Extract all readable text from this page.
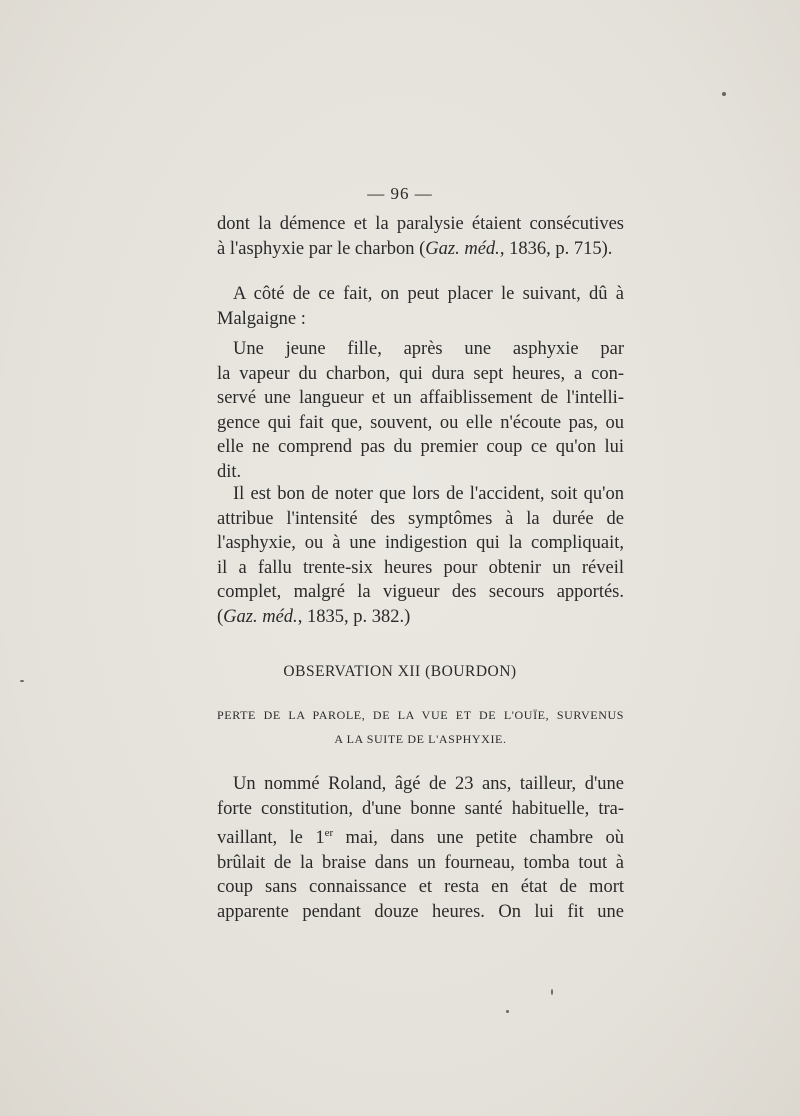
— 96 —
dont la démence et la paralysie étaient consécutives
à l'asphyxie par le charbon (Gaz. méd., 1836, p. 715).
A côté de ce fait, on peut placer le suivant, dû à
Malgaigne :
Une jeune fille, après une asphyxie par
la vapeur du charbon, qui dura sept heures, a con-
servé une langueur et un affaiblissement de l'intelli-
gence qui fait que, souvent, ou elle n'écoute pas, ou
elle ne comprend pas du premier coup ce qu'on lui
dit.
Il est bon de noter que lors de l'accident, soit qu'on
attribue l'intensité des symptômes à la durée de
l'asphyxie, ou à une indigestion qui la compliquait,
il a fallu trente-six heures pour obtenir un réveil
complet, malgré la vigueur des secours apportés.
(Gaz. méd., 1835, p. 382.)
OBSERVATION XII (BOURDON)
PERTE DE LA PAROLE, DE LA VUE ET DE L'OUÏE, SURVENUS
A LA SUITE DE L'ASPHYXIE.
Un nommé Roland, âgé de 23 ans, tailleur, d'une
forte constitution, d'une bonne santé habituelle, tra-
vaillant, le 1er mai, dans une petite chambre où
brûlait de la braise dans un fourneau, tomba tout à
coup sans connaissance et resta en état de mort
apparente pendant douze heures. On lui fit une
